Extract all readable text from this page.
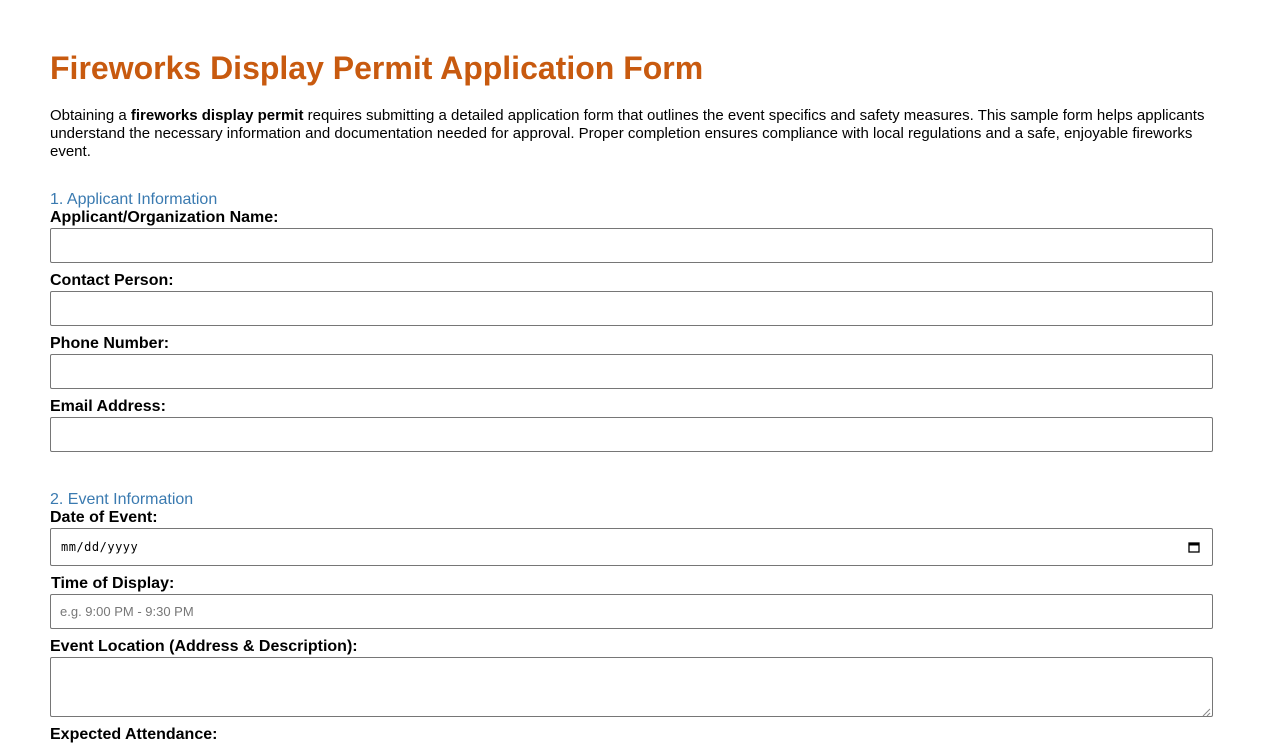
Fireworks Display Permit Application Form

Obtaining a fireworks display permit requires submitting a detailed application form that outlines the event specifics and safety measures. This sample form helps applicants understand the necessary information and documentation needed for approval. Proper completion ensures compliance with local regulations and a safe, enjoyable fireworks event.

1. Applicant Information
Applicant/Organization Name:
Contact Person:
Phone Number:
Email Address:
2. Event Information
Date of Event:
mm/dd/yyyy
Time of Display:
e.g. 9:00 PM - 9:30 PM
Event Location (Address & Description):
Expected Attendance:
